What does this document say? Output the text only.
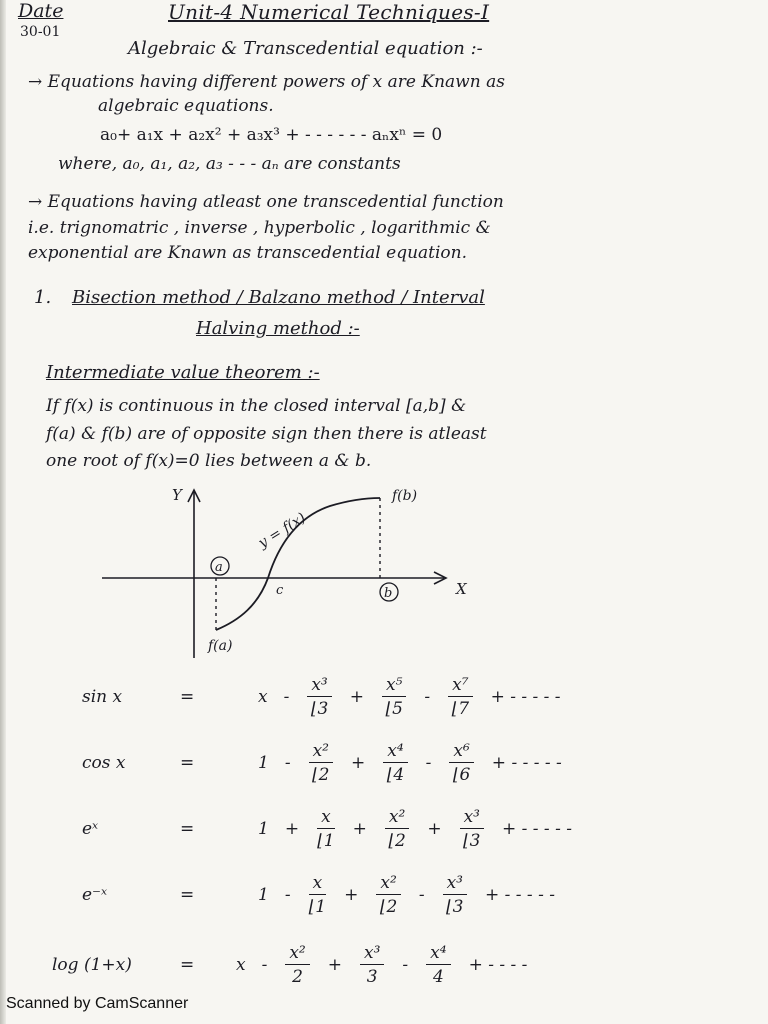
Date
30-01
Unit-4 Numerical Techniques-I
Algebraic & Transcedential equation :-
→ Equations having different powers of x are Knawn as
algebraic equations.
a₀+ a₁x + a₂x² + a₃x³ + - - - - - - aₙxⁿ = 0
where, a₀, a₁, a₂, a₃ - - - aₙ are constants
→ Equations having atleast one transcedential function
i.e. trignomatric , inverse , hyperbolic , logarithmic &
exponential are Knawn as transcedential equation.
1. Bisection method / Balzano method / Interval
Halving method :-
Intermediate value theorem :-
If f(x) is continuous in the closed interval [a,b] &
f(a) & f(b) are of opposite sign then there is atleast
one root of f(x)=0 lies between a & b.
Y
X
y = f(x)
a
b
c
f(a)
f(b)
sin x	=	$x - \frac{\text{x³}}{⌊3} + \frac{\text{x⁵}}{⌊5} - \frac{\text{x⁷}}{⌊7}$ + - - - - -
cos x	=	$1 - \frac{\text{x²}}{⌊2} + \frac{\text{x⁴}}{⌊4} - \frac{\text{x⁶}}{⌊6}$ + - - - - -
eˣ	=	$1 + \frac{x}{⌊1} + \frac{\text{x²}}{⌊2} + \frac{\text{x³}}{⌊3}$ + - - - - -
e⁻ˣ	=	$1 - \frac{x}{⌊1} + \frac{\text{x²}}{⌊2} - \frac{\text{x³}}{⌊3}$ + - - - - -
log (1+x)	=	$x - \frac{\text{x²}}{2} + \frac{\text{x³}}{3} - \frac{\text{x⁴}}{4}$ + - - - -
Scanned by CamScanner
